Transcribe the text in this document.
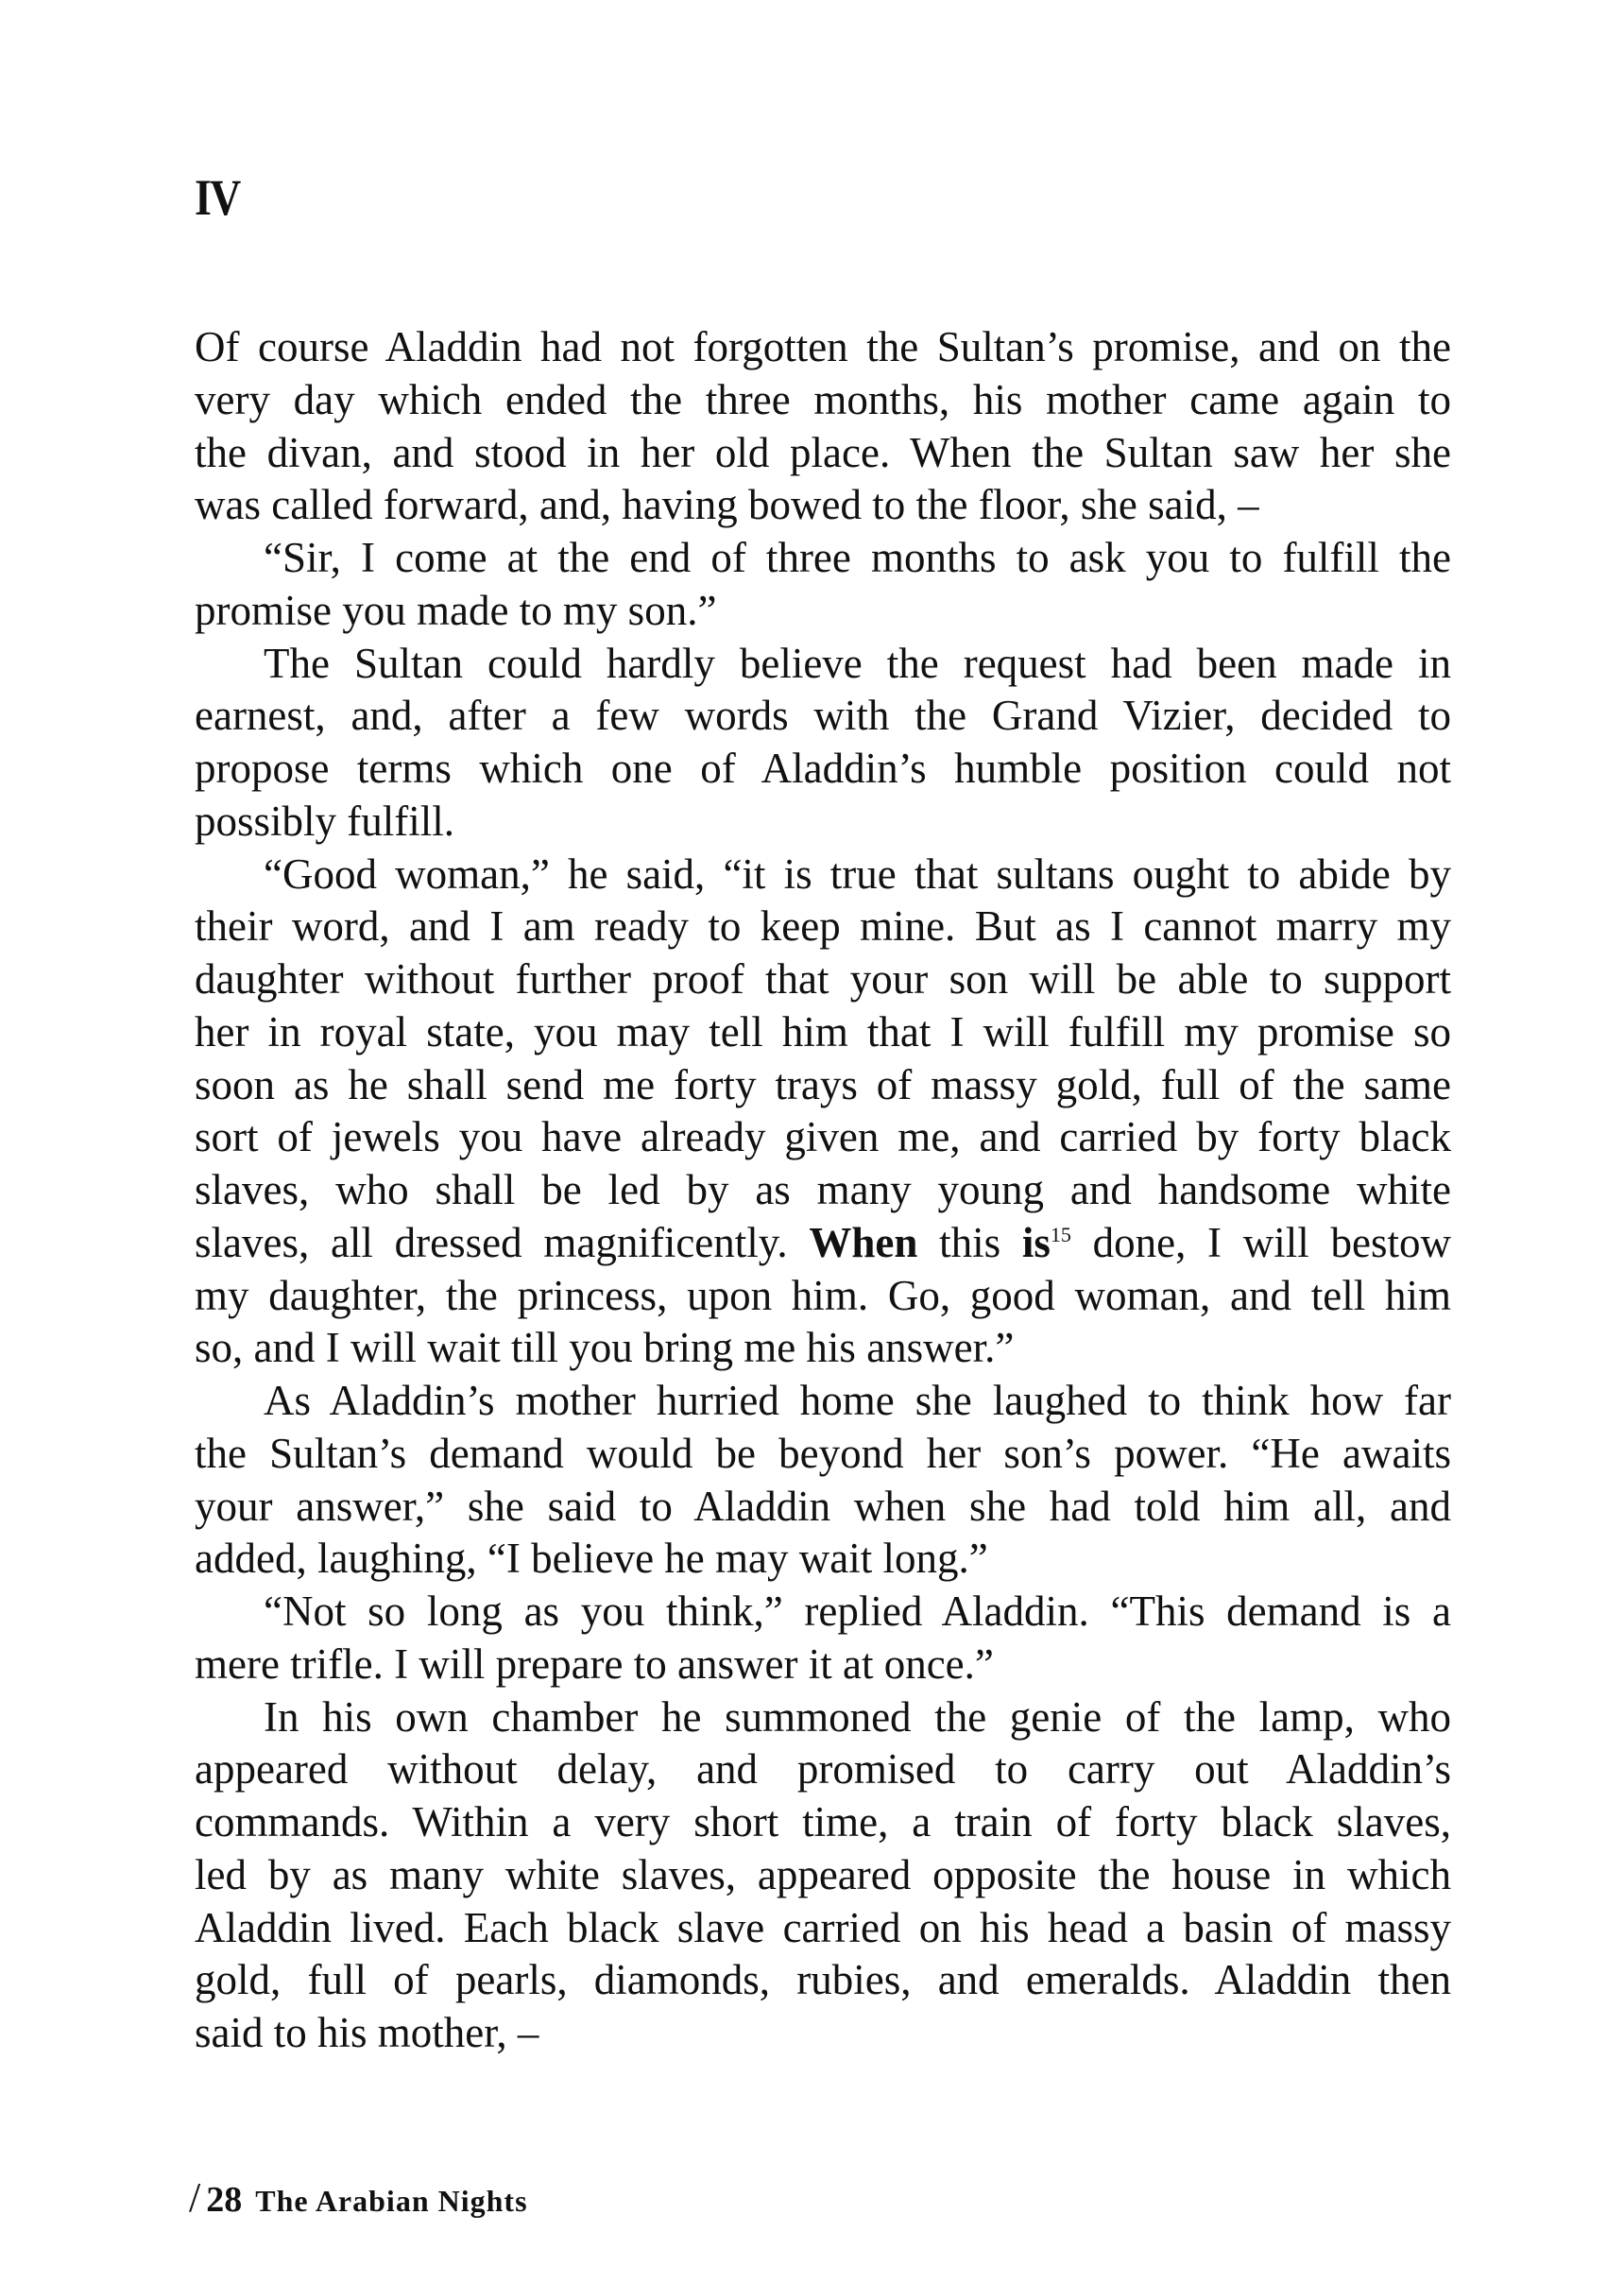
IV
Of course Aladdin had not forgotten the Sultan’s promise, and on the
very day which ended the three months, his mother came again to
the divan, and stood in her old place. When the Sultan saw her she
was called forward, and, having bowed to the floor, she said, –
“Sir, I come at the end of three months to ask you to fulfill the
promise you made to my son.”
The Sultan could hardly believe the request had been made in
earnest, and, after a few words with the Grand Vizier, decided to
propose terms which one of Aladdin’s humble position could not
possibly fulfill.
“Good woman,” he said, “it is true that sultans ought to abide by
their word, and I am ready to keep mine. But as I cannot marry my
daughter without further proof that your son will be able to support
her in royal state, you may tell him that I will fulfill my promise so
soon as he shall send me forty trays of massy gold, full of the same
sort of jewels you have already given me, and carried by forty black
slaves, who shall be led by as many young and handsome white
slaves, all dressed magnificently. When this $is^{15}$ done, I will bestow
my daughter, the princess, upon him. Go, good woman, and tell him
so, and I will wait till you bring me his answer.”
As Aladdin’s mother hurried home she laughed to think how far
the Sultan’s demand would be beyond her son’s power. “He awaits
your answer,” she said to Aladdin when she had told him all, and
added, laughing, “I believe he may wait long.”
“Not so long as you think,” replied Aladdin. “This demand is a
mere trifle. I will prepare to answer it at once.”
In his own chamber he summoned the genie of the lamp, who
appeared without delay, and promised to carry out Aladdin’s
commands. Within a very short time, a train of forty black slaves,
led by as many white slaves, appeared opposite the house in which
Aladdin lived. Each black slave carried on his head a basin of massy
gold, full of pearls, diamonds, rubies, and emeralds. Aladdin then
said to his mother, –
/ 28 The Arabian Nights
